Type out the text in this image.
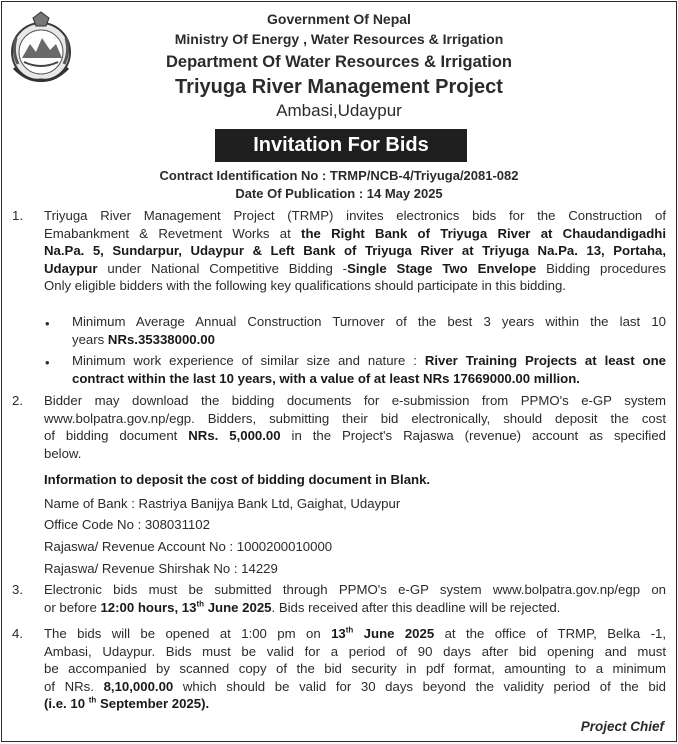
Government Of Nepal
Ministry Of Energy , Water Resources & Irrigation
Department Of Water Resources & Irrigation
Triyuga River Management Project
Ambasi,Udaypur
Invitation For Bids
Contract Identification No : TRMP/NCB-4/Triyuga/2081-082
Date Of Publication : 14 May 2025
1. Triyuga River Management Project (TRMP) invites electronics bids for the Construction of
Emabankment & Revetment Works at the Right Bank of Triyuga River at Chaudandigadhi
Na.Pa. 5, Sundarpur, Udaypur & Left Bank of Triyuga River at Triyuga Na.Pa. 13, Portaha,
Udaypur under National Competitive Bidding -Single Stage Two Envelope Bidding procedures
Only eligible bidders with the following key qualifications should participate in this bidding.
• Minimum Average Annual Construction Turnover of the best 3 years within the last 10
years NRs.35338000.00
• Minimum work experience of similar size and nature : River Training Projects at least one
contract within the last 10 years, with a value of at least NRs 17669000.00 million.
2. Bidder may download the bidding documents for e-submission from PPMO's e-GP system
www.bolpatra.gov.np/egp. Bidders, submitting their bid electronically, should deposit the cost
of bidding document NRs. 5,000.00 in the Project's Rajaswa (revenue) account as specified
below.
Information to deposit the cost of bidding document in Blank.
Name of Bank : Rastriya Banijya Bank Ltd, Gaighat, Udaypur
Office Code No : 308031102
Rajaswa/ Revenue Account No : 1000200010000
Rajaswa/ Revenue Shirshak No : 14229
3. Electronic bids must be submitted through PPMO's e-GP system www.bolpatra.gov.np/egp on
or before 12:00 hours, 13th June 2025. Bids received after this deadline will be rejected.
4. The bids will be opened at 1:00 pm on 13th June 2025 at the office of TRMP, Belka -1,
Ambasi, Udaypur. Bids must be valid for a period of 90 days after bid opening and must
be accompanied by scanned copy of the bid security in pdf format, amounting to a minimum
of NRs. 8,10,000.00 which should be valid for 30 days beyond the validity period of the bid
(i.e. 10 $^{th}$ September 2025).
Project Chief
